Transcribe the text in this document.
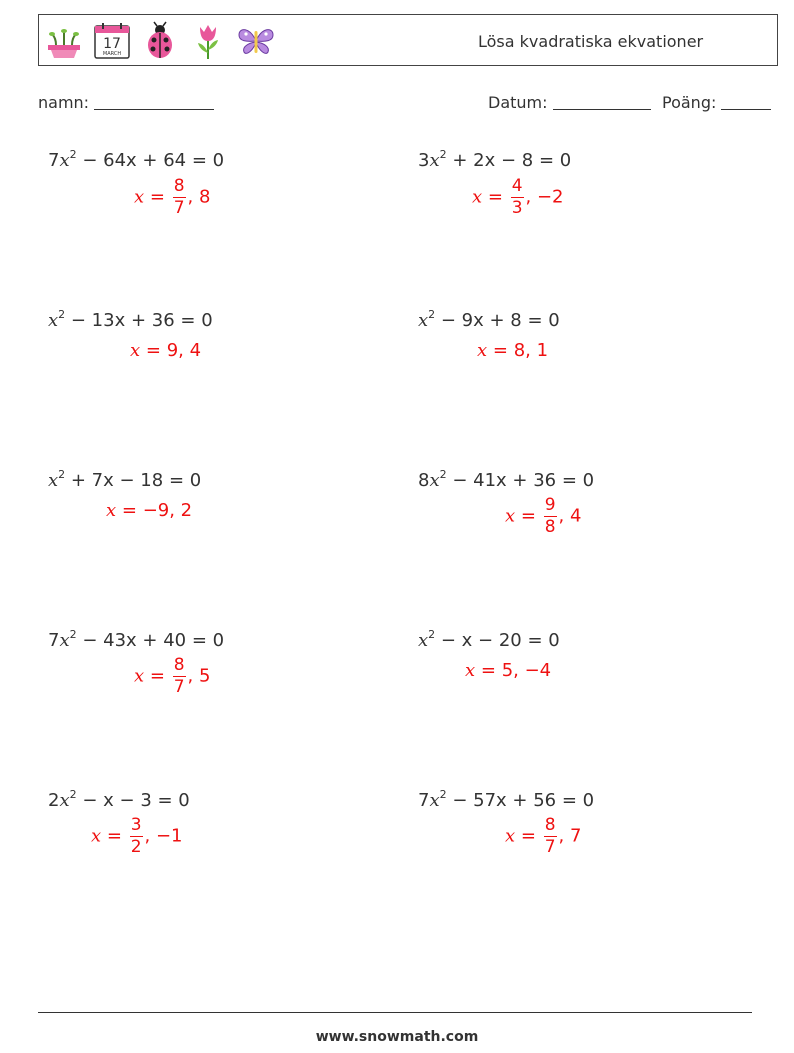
17
MARCH
Lösa kvadratiska ekvationer
namn:	Datum:	Poäng:
$7x^2 - 64x + 64 = 0$
$x = \frac{8}{7}$ , 8
$3x^2 + 2x - 8 = 0$
$x = \frac{4}{3}$ , −2
$x^2 - 13x + 36 = 0$
x = 9, 4
$x^2 - 9x + 8 = 0$
x = 8, 1
$x^2 + 7x - 18 = 0$
x = −9, 2
$8x^2 - 41x + 36 = 0$
$x = \frac{9}{8}$ , 4
$7x^2 - 43x + 40 = 0$
$x = \frac{8}{7}$ , 5
$x^2 - x - 20 = 0$
x = 5, −4
$2x^2 - x - 3 = 0$
$x = \frac{3}{2}$ , −1
$7x^2 - 57x + 56 = 0$
$x = \frac{8}{7}$ , 7
www.snowmath.com
